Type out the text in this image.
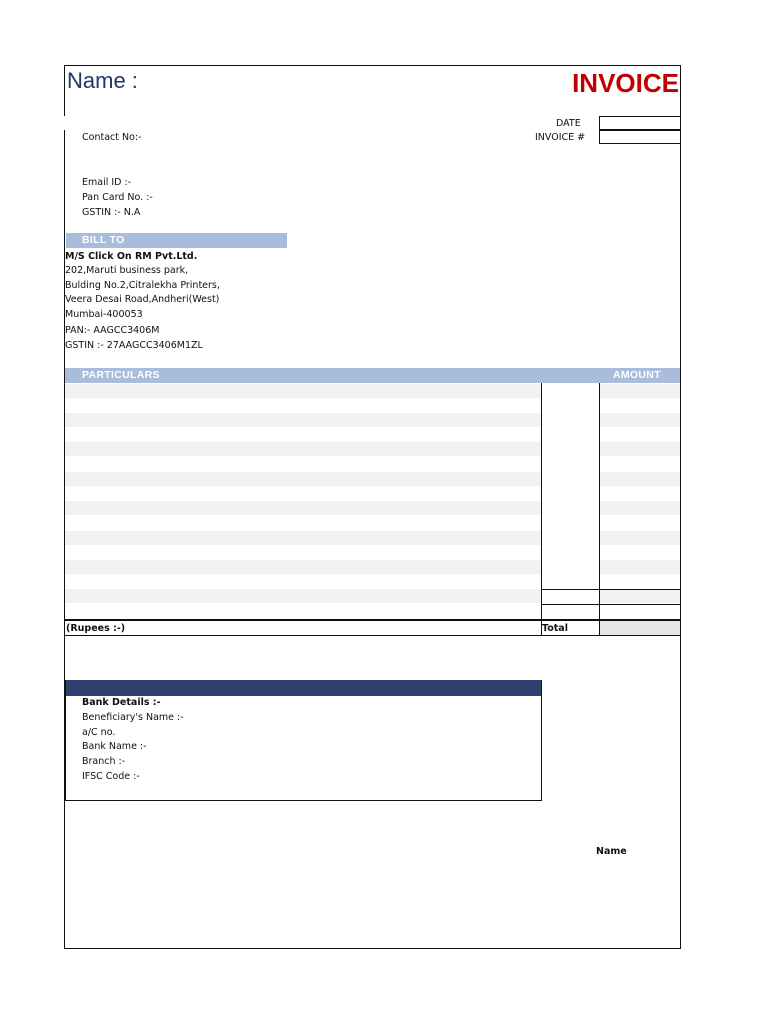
Name :	INVOICE
DATE
INVOICE #
Contact No:-
Email ID :-
Pan Card No. :-
GSTIN :- N.A
BILL TO
M/S Click On RM Pvt.Ltd.
202,Maruti business park,
Bulding No.2,Citralekha Printers,
Veera Desai Road,Andheri(West)
Mumbai-400053
PAN:- AAGCC3406M
GSTIN :- 27AAGCC3406M1ZL
PARTICULARS	AMOUNT
(Rupees :-)	Total
Bank Details :-
Beneficiary's Name :-
a/C no.
Bank Name :-
Branch :-
IFSC Code :-
Name
